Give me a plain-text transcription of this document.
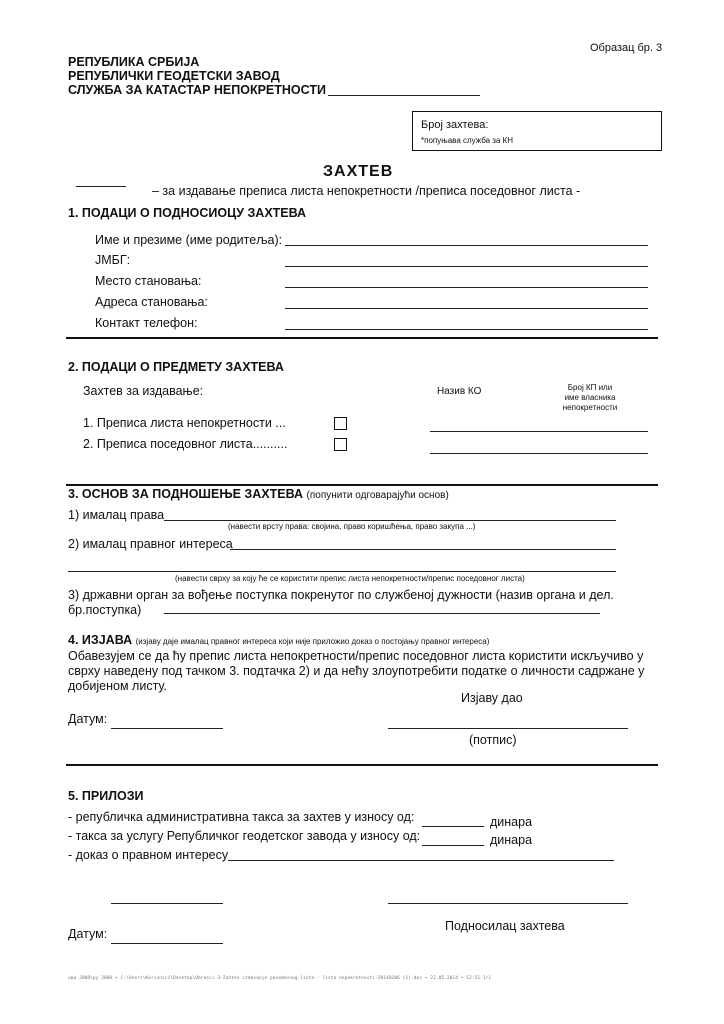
Образац бр. 3
РЕПУБЛИКА СРБИЈА
РЕПУБЛИЧКИ ГЕОДЕТСКИ ЗАВОД
СЛУЖБА ЗА КАТАСТАР НЕПОКРЕТНОСТИ
Број захтева:
*попуњава служба за КН
ЗАХТЕВ
– за издавање преписа листа непокретности /преписа поседовног листа -
1. ПОДАЦИ О ПОДНОСИОЦУ ЗАХТЕВА
Име и презиме (име родитеља):
ЈМБГ:
Место становања:
Адреса становања:
Контакт телефон:
2. ПОДАЦИ О ПРЕДМЕТУ ЗАХТЕВА
Захтев за издавање:	Назив КО	Број КП или
име власника
непокретности
1. Преписа листа непокретности ...
2. Преписа поседовног листа..........
3. ОСНОВ ЗА ПОДНОШЕЊЕ ЗАХТЕВА (попунити одговарајући основ)
1) ималац права
(навести врсту права: својина, право коришћења, право закупа ...)
2) ималац правног интереса
(навести сврху за коју ће се користити препис листа непокретности/препис поседовног листа)
3) државни орган за вођење поступка покренутог по службеној дужности (назив органа и дел.
бр.поступка)
4. ИЗЈАВА (изјаву даје ималац правног интереса који није приложио доказ о постојању правног интереса)
Обавезујем се да ћу препис листа непокретности/препис поседовног листа користити искључиво у
сврху наведену под тачком 3. подтачка 2) и да нећу злоупотребити податке о личности садржане у
добијеном листу.
Изјаву дао
Датум:
(потпис)
5. ПРИЛОЗИ
- републичка административна такса за захтев у износу од:	динара
- такса за услугу Републичког геодетског завода у износу од:	динара
- доказ о правном интересу
Подносилац захтева
Датум:
оди 2008\ру 2006 • C:\Users\Korisnici\Desktop\Obrasci 3-Zahtev izdavanje posedovnog lista - lista nepokretnosti-20140206 (1).doc • 22.05.2014 • 12:51 1/1
